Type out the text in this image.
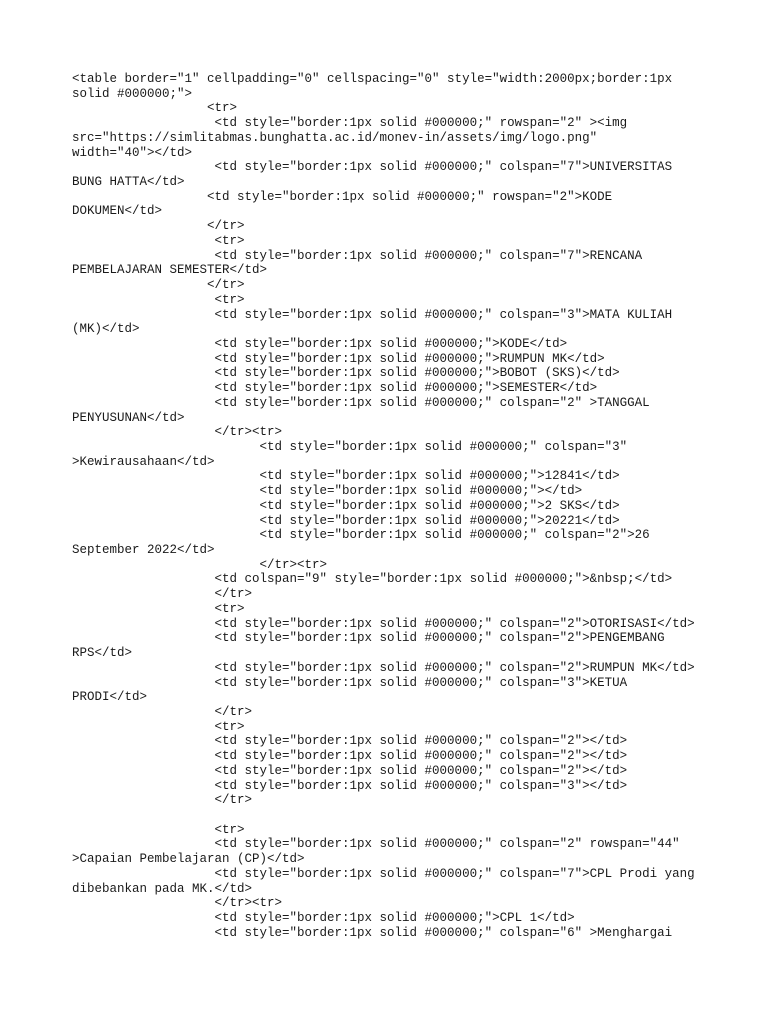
<table border="1" cellpadding="0" cellspacing="0" style="width:2000px;border:1px
solid #000000;">
<tr>
<td style="border:1px solid #000000;" rowspan="2" ><img
src="https://simlitabmas.bunghatta.ac.id/monev-in/assets/img/logo.png"
width="40"></td>
<td style="border:1px solid #000000;" colspan="7">UNIVERSITAS
BUNG HATTA</td>
<td style="border:1px solid #000000;" rowspan="2">KODE
DOKUMEN</td>
</tr>
<tr>
<td style="border:1px solid #000000;" colspan="7">RENCANA
PEMBELAJARAN SEMESTER</td>
</tr>
<tr>
<td style="border:1px solid #000000;" colspan="3">MATA KULIAH
(MK)</td>
<td style="border:1px solid #000000;">KODE</td>
<td style="border:1px solid #000000;">RUMPUN MK</td>
<td style="border:1px solid #000000;">BOBOT (SKS)</td>
<td style="border:1px solid #000000;">SEMESTER</td>
<td style="border:1px solid #000000;" colspan="2" >TANGGAL
PENYUSUNAN</td>
</tr><tr>
<td style="border:1px solid #000000;" colspan="3"
>Kewirausahaan</td>
<td style="border:1px solid #000000;">12841</td>
<td style="border:1px solid #000000;"></td>
<td style="border:1px solid #000000;">2 SKS</td>
<td style="border:1px solid #000000;">20221</td>
<td style="border:1px solid #000000;" colspan="2">26
September 2022</td>
</tr><tr>
<td colspan="9" style="border:1px solid #000000;">&nbsp;</td>
</tr>
<tr>
<td style="border:1px solid #000000;" colspan="2">OTORISASI</td>
<td style="border:1px solid #000000;" colspan="2">PENGEMBANG
RPS</td>
<td style="border:1px solid #000000;" colspan="2">RUMPUN MK</td>
<td style="border:1px solid #000000;" colspan="3">KETUA
PRODI</td>
</tr>
<tr>
<td style="border:1px solid #000000;" colspan="2"></td>
<td style="border:1px solid #000000;" colspan="2"></td>
<td style="border:1px solid #000000;" colspan="2"></td>
<td style="border:1px solid #000000;" colspan="3"></td>
</tr>
<tr>
<td style="border:1px solid #000000;" colspan="2" rowspan="44"
>Capaian Pembelajaran (CP)</td>
<td style="border:1px solid #000000;" colspan="7">CPL Prodi yang
dibebankan pada MK.</td>
</tr><tr>
<td style="border:1px solid #000000;">CPL 1</td>
<td style="border:1px solid #000000;" colspan="6" >Menghargai
